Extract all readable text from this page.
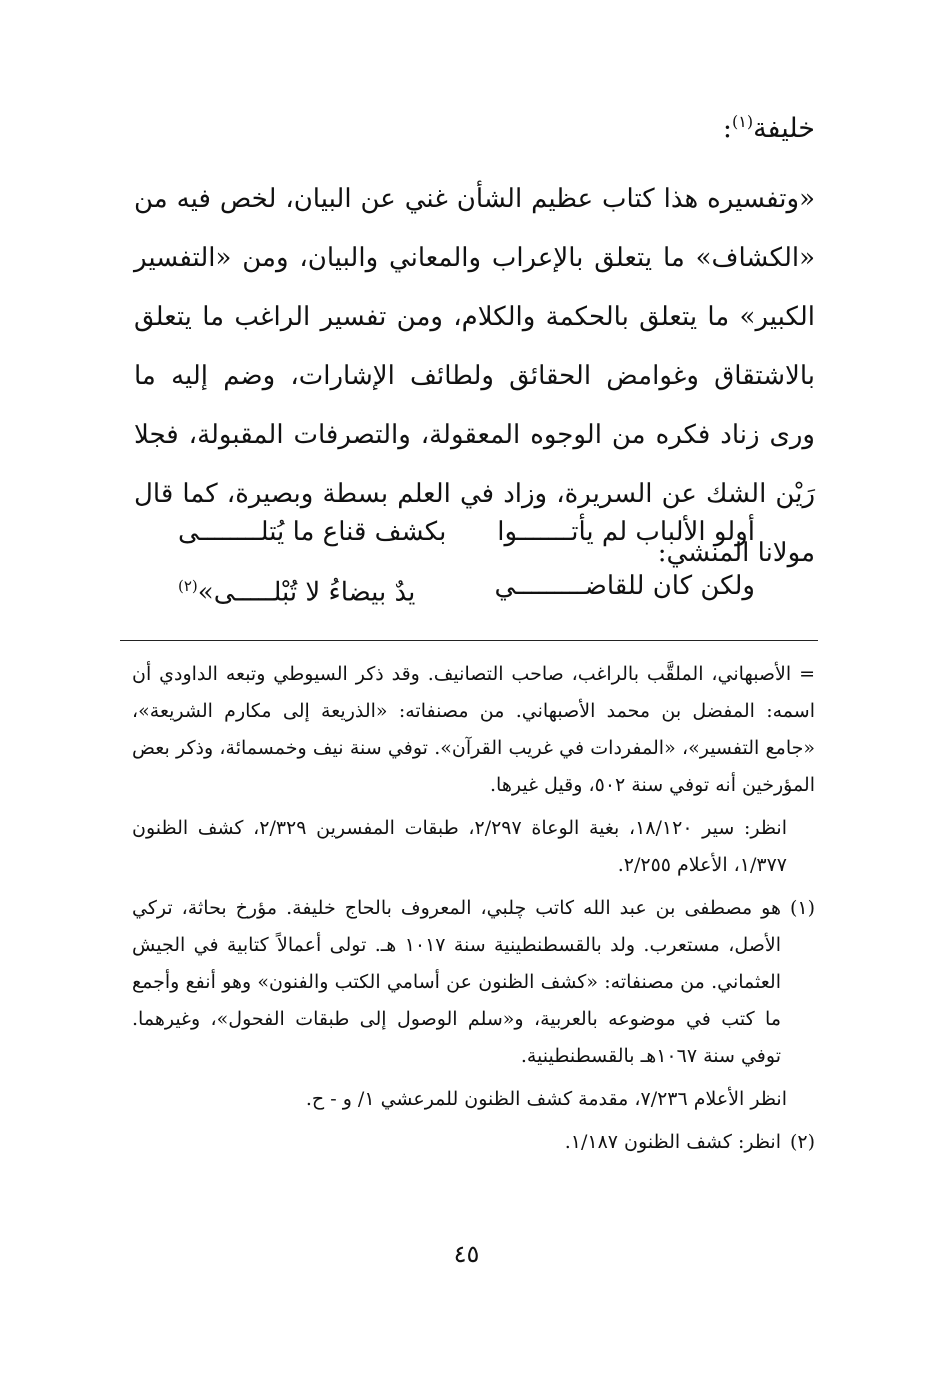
خليفة$^{(١)}$:
«وتفسيره هذا كتاب عظيم الشأن غني عن البيان، لخص فيه من «الكشاف» ما يتعلق بالإعراب والمعاني والبيان، ومن «التفسير الكبير» ما يتعلق بالحكمة والكلام، ومن تفسير الراغب ما يتعلق بالاشتقاق وغوامض الحقائق ولطائف الإشارات، وضم إليه ما ورى زناد فكره من الوجوه المعقولة، والتصرفات المقبولة، فجلا رَيْن الشك عن السريرة، وزاد في العلم بسطة وبصيرة، كما قال مولانا المنشي:
أولو الألباب لم يأتـــــــوا
بكشف قناع ما يُتلــــــــى
ولكن كان للقاضـــــــــي
يدٌ بيضاءُ لا تُبْلـــــى»$^{(٢)}$

= الأصبهاني، الملقَّب بالراغب، صاحب التصانيف. وقد ذكر السيوطي وتبعه الداودي أن اسمه: المفضل بن محمد الأصبهاني. من مصنفاته: «الذريعة إلى مكارم الشريعة»، «جامع التفسير»، «المفردات في غريب القرآن». توفي سنة نيف وخمسمائة، وذكر بعض المؤرخين أنه توفي سنة ٥٠٢، وقيل غيرها.

انظر: سير ١٨/١٢٠، بغية الوعاة ٢/٢٩٧، طبقات المفسرين ٢/٣٢٩، كشف الظنون ١/٣٧٧، الأعلام ٢/٢٥٥.

(١)
هو مصطفى بن عبد الله كاتب چلبي، المعروف بالحاج خليفة. مؤرخ بحاثة، تركي الأصل، مستعرب. ولد بالقسطنطينية سنة ١٠١٧ هـ. تولى أعمالاً كتابية في الجيش العثماني. من مصنفاته: «كشف الظنون عن أسامي الكتب والفنون» وهو أنفع وأجمع ما كتب في موضوعه بالعربية، و«سلم الوصول إلى طبقات الفحول»، وغيرهما. توفي سنة ١٠٦٧هـ بالقسطنطينية.

انظر الأعلام ٧/٢٣٦، مقدمة كشف الظنون للمرعشي ١/ و - ح.

(٢)
انظر: كشف الظنون ١/١٨٧.

٤٥
